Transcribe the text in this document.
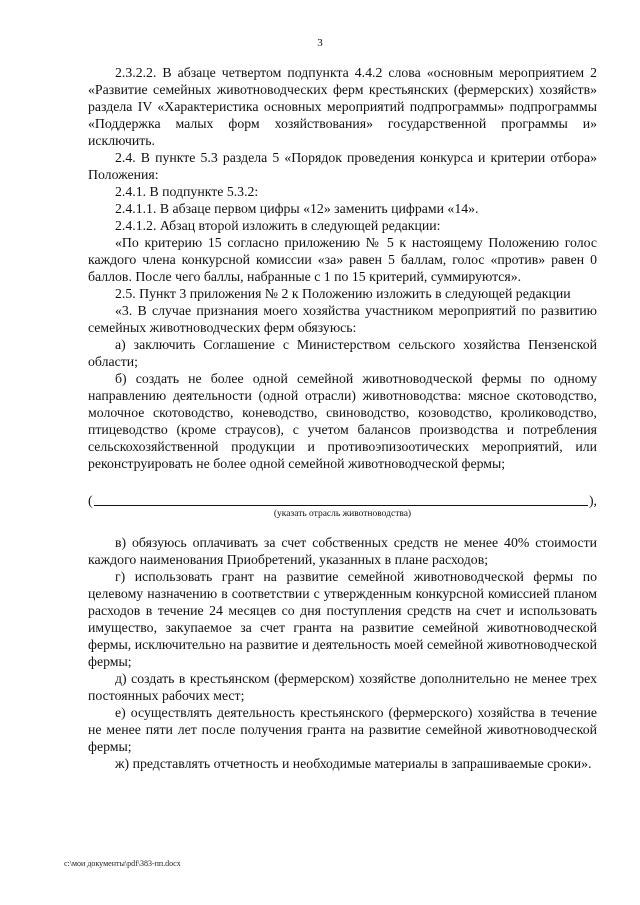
3

2.3.2.2. В абзаце четвертом подпункта 4.4.2 слова «основным мероприятием 2 «Развитие семейных животноводческих ферм крестьянских (фермерских) хозяйств» раздела IV «Характеристика основных мероприятий подпрограммы» подпрограммы «Поддержка малых форм хозяйствования» государственной программы и» исключить.

2.4. В пункте 5.3 раздела 5 «Порядок проведения конкурса и критерии отбора» Положения:

2.4.1. В подпункте 5.3.2:

2.4.1.1. В абзаце первом цифры «12» заменить цифрами «14».

2.4.1.2. Абзац второй изложить в следующей редакции:

«По критерию 15 согласно приложению № 5 к настоящему Положению голос каждого члена конкурсной комиссии «за» равен 5 баллам, голос «против» равен 0 баллов. После чего баллы, набранные с 1 по 15 критерий, суммируются».

2.5. Пункт 3 приложения № 2 к Положению изложить в следующей редакции

«3. В случае признания моего хозяйства участником мероприятий по развитию семейных животноводческих ферм обязуюсь:

а) заключить Соглашение с Министерством сельского хозяйства Пензенской области;

б) создать не более одной семейной животноводческой фермы по одному направлению деятельности (одной отрасли) животноводства: мясное скотоводство, молочное скотоводство, коневодство, свиноводство, козоводство, кролиководство, птицеводство (кроме страусов), с учетом балансов производства и потребления сельскохозяйственной продукции и противоэпизоотических мероприятий, или реконструировать не более одной семейной животноводческой фермы;

(	),
(указать отрасль животноводства)

в) обязуюсь оплачивать за счет собственных средств не менее 40% стоимости каждого наименования Приобретений, указанных в плане расходов;

г) использовать грант на развитие семейной животноводческой фермы по целевому назначению в соответствии с утвержденным конкурсной комиссией планом расходов в течение 24 месяцев со дня поступления средств на счет и использовать имущество, закупаемое за счет гранта на развитие семейной животноводческой фермы, исключительно на развитие и деятельность моей семейной животноводческой фермы;

д) создать в крестьянском (фермерском) хозяйстве дополнительно не менее трех постоянных рабочих мест;

е) осуществлять деятельность крестьянского (фермерского) хозяйства в течение не менее пяти лет после получения гранта на развитие семейной животноводческой фермы;

ж) представлять отчетность и необходимые материалы в запрашиваемые сроки».

c:\мои документы\pdf\383-пп.docx
